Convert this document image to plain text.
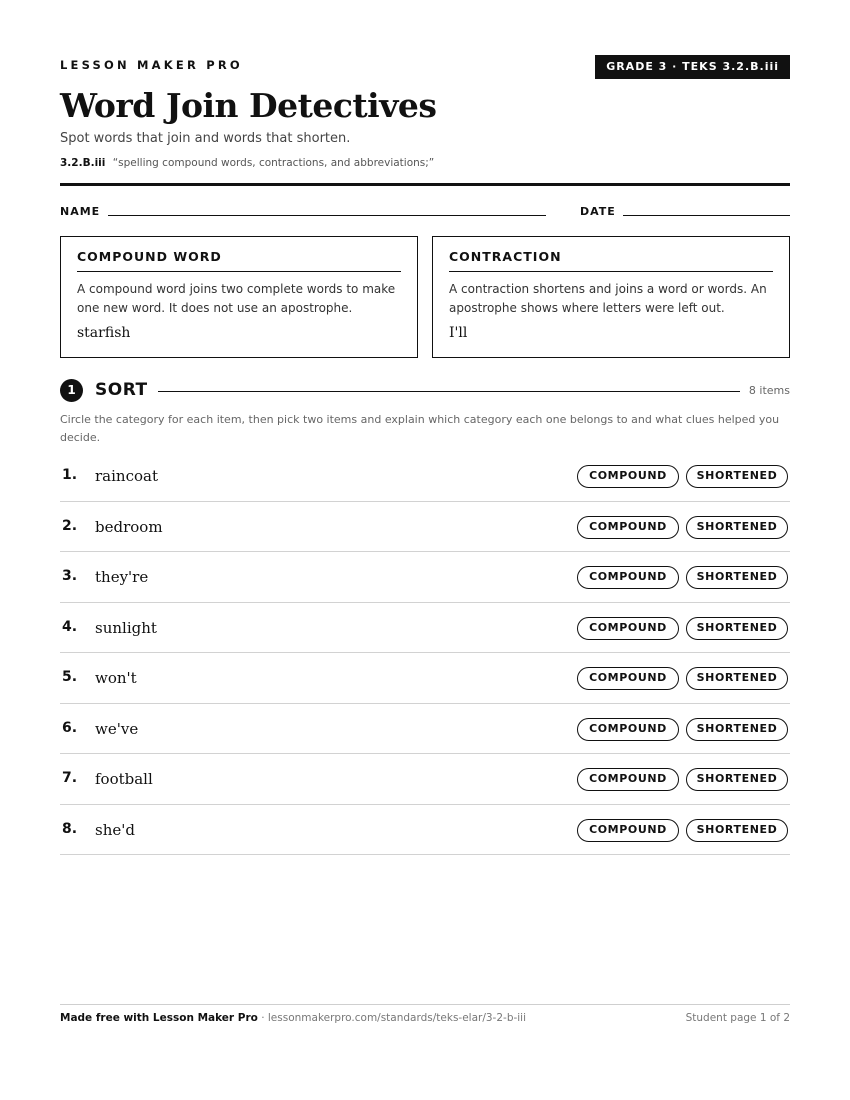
LESSON MAKER PRO	GRADE 3 · TEKS 3.2.B.iii
Word Join Detectives
Spot words that join and words that shorten.
3.2.B.iii “spelling compound words, contractions, and abbreviations;”
NAME	DATE
COMPOUND WORD
A compound word joins two complete words to make one new word. It does not use an apostrophe.
starfish
CONTRACTION
A contraction shortens and joins a word or words. An apostrophe shows where letters were left out.
I'll
1	SORT	8 items
Circle the category for each item, then pick two items and explain which category each one belongs to and what clues helped you decide.
1. raincoat	COMPOUND	SHORTENED
2. bedroom	COMPOUND	SHORTENED
3. they're	COMPOUND	SHORTENED
4. sunlight	COMPOUND	SHORTENED
5. won't	COMPOUND	SHORTENED
6. we've	COMPOUND	SHORTENED
7. football	COMPOUND	SHORTENED
8. she'd	COMPOUND	SHORTENED
Made free with Lesson Maker Pro · lessonmakerpro.com/standards/teks-elar/3-2-b-iii	Student page 1 of 2
